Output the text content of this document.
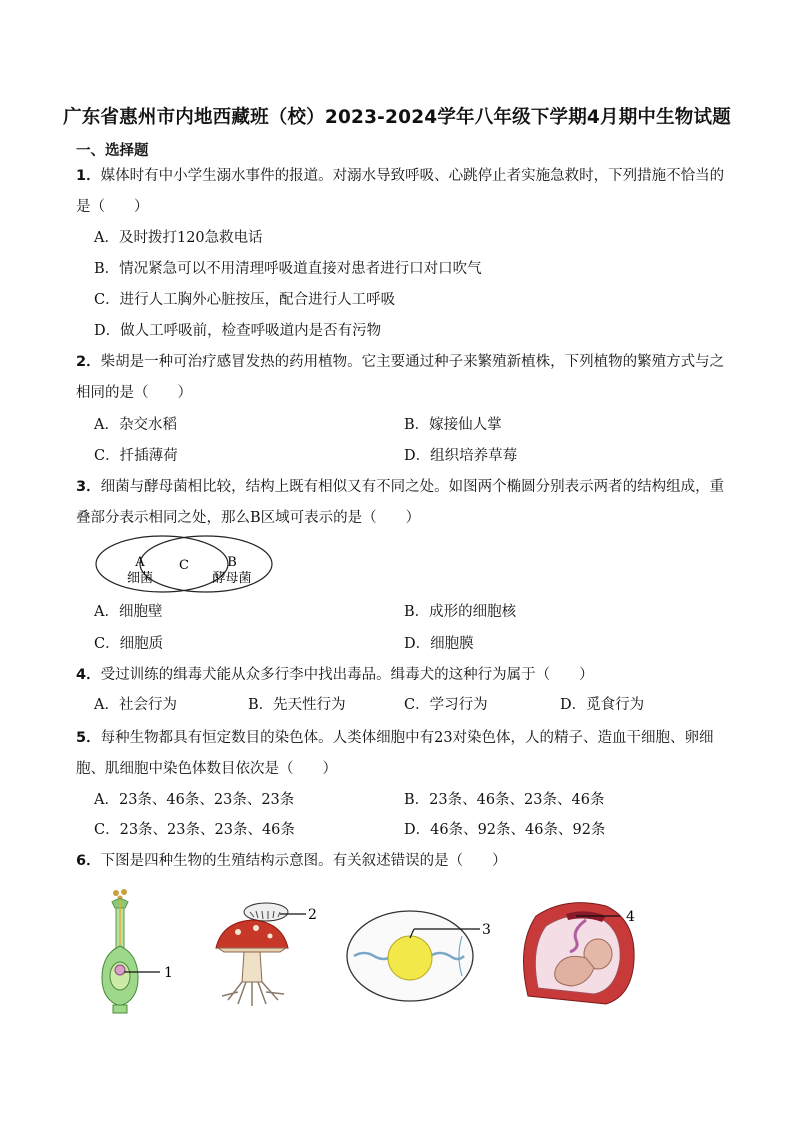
广东省惠州市内地西藏班（校）2023-2024学年八年级下学期4月期中生物试题
一、选择题
1．媒体时有中小学生溺水事件的报道。对溺水导致呼吸、心跳停止者实施急救时，下列措施不恰当的是（　　）
A．及时拨打120急救电话
B．情况紧急可以不用清理呼吸道直接对患者进行口对口吹气
C．进行人工胸外心脏按压，配合进行人工呼吸
D．做人工呼吸前，检查呼吸道内是否有污物
2．柴胡是一种可治疗感冒发热的药用植物。它主要通过种子来繁殖新植株，下列植物的繁殖方式与之相同的是（　　）
A．杂交水稻	B．嫁接仙人掌
C．扦插薄荷	D．组织培养草莓
3．细菌与酵母菌相比较，结构上既有相似又有不同之处。如图两个椭圆分别表示两者的结构组成，重叠部分表示相同之处，那么B区域可表示的是（　　）
A
细菌
C	B
酵母菌
A．细胞壁	B．成形的细胞核
C．细胞质	D．细胞膜
4．受过训练的缉毒犬能从众多行李中找出毒品。缉毒犬的这种行为属于（　　）
A．社会行为	B．先天性行为	C．学习行为	D．觅食行为
5．每种生物都具有恒定数目的染色体。人类体细胞中有23对染色体，人的精子、造血干细胞、卵细胞、肌细胞中染色体数目依次是（　　）
A．23条、46条、23条、23条	B．23条、46条、23条、46条
C．23条、23条、23条、46条	D．46条、92条、46条、92条
6．下图是四种生物的生殖结构示意图。有关叙述错误的是（　　）
1
2
3
4
